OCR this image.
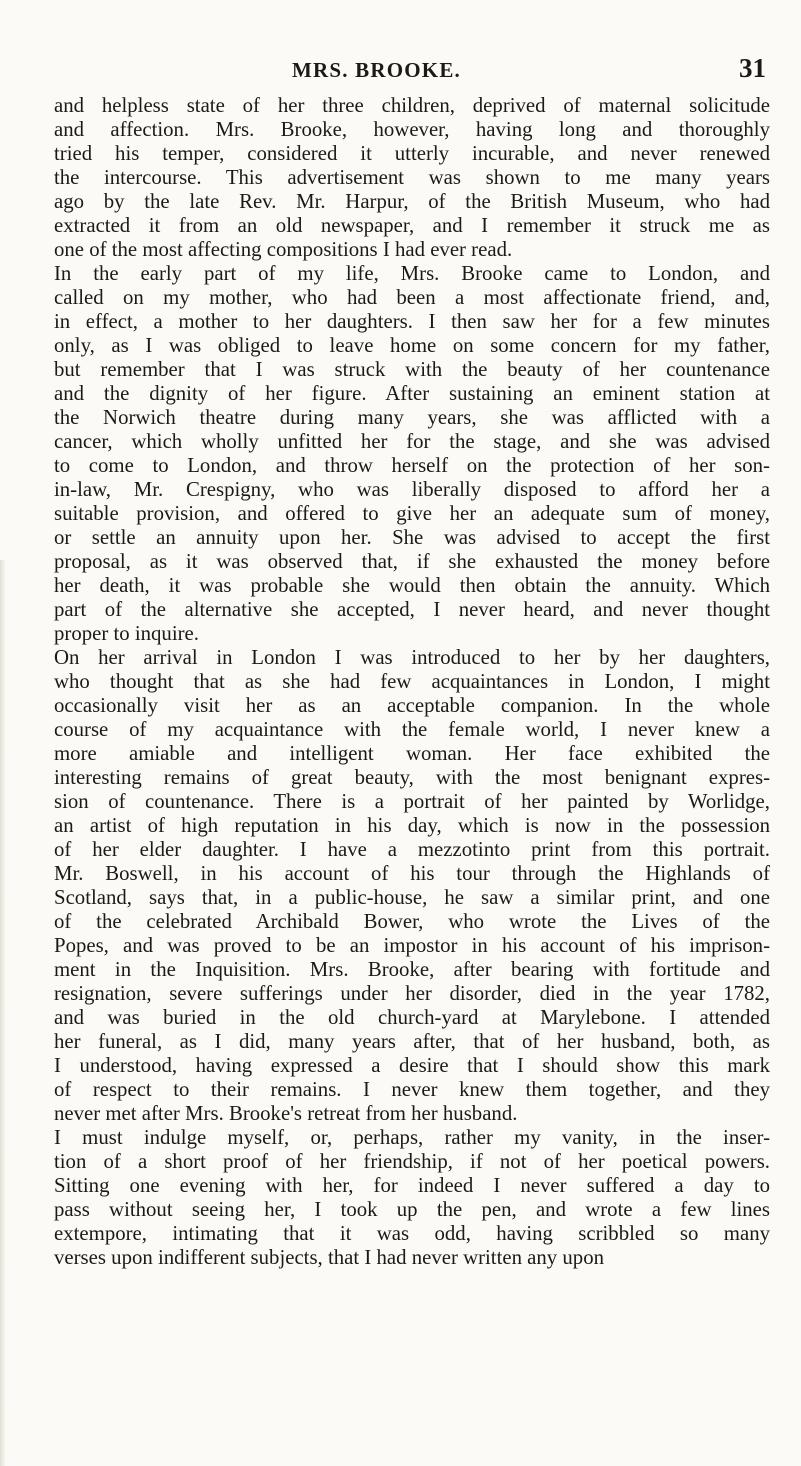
MRS. BROOKE.	31
and helpless state of her three children, deprived of maternal solicitude
and affection. Mrs. Brooke, however, having long and thoroughly
tried his temper, considered it utterly incurable, and never renewed
the intercourse. This advertisement was shown to me many years
ago by the late Rev. Mr. Harpur, of the British Museum, who had
extracted it from an old newspaper, and I remember it struck me as
one of the most affecting compositions I had ever read.
In the early part of my life, Mrs. Brooke came to London, and
called on my mother, who had been a most affectionate friend, and,
in effect, a mother to her daughters. I then saw her for a few minutes
only, as I was obliged to leave home on some concern for my father,
but remember that I was struck with the beauty of her countenance
and the dignity of her figure. After sustaining an eminent station at
the Norwich theatre during many years, she was afflicted with a
cancer, which wholly unfitted her for the stage, and she was advised
to come to London, and throw herself on the protection of her son-
in-law, Mr. Crespigny, who was liberally disposed to afford her a
suitable provision, and offered to give her an adequate sum of money,
or settle an annuity upon her. She was advised to accept the first
proposal, as it was observed that, if she exhausted the money before
her death, it was probable she would then obtain the annuity. Which
part of the alternative she accepted, I never heard, and never thought
proper to inquire.
On her arrival in London I was introduced to her by her daughters,
who thought that as she had few acquaintances in London, I might
occasionally visit her as an acceptable companion. In the whole
course of my acquaintance with the female world, I never knew a
more amiable and intelligent woman. Her face exhibited the
interesting remains of great beauty, with the most benignant expres-
sion of countenance. There is a portrait of her painted by Worlidge,
an artist of high reputation in his day, which is now in the possession
of her elder daughter. I have a mezzotinto print from this portrait.
Mr. Boswell, in his account of his tour through the Highlands of
Scotland, says that, in a public-house, he saw a similar print, and one
of the celebrated Archibald Bower, who wrote the Lives of the
Popes, and was proved to be an impostor in his account of his imprison-
ment in the Inquisition. Mrs. Brooke, after bearing with fortitude and
resignation, severe sufferings under her disorder, died in the year 1782,
and was buried in the old church-yard at Marylebone. I attended
her funeral, as I did, many years after, that of her husband, both, as
I understood, having expressed a desire that I should show this mark
of respect to their remains. I never knew them together, and they
never met after Mrs. Brooke's retreat from her husband.
I must indulge myself, or, perhaps, rather my vanity, in the inser-
tion of a short proof of her friendship, if not of her poetical powers.
Sitting one evening with her, for indeed I never suffered a day to
pass without seeing her, I took up the pen, and wrote a few lines
extempore, intimating that it was odd, having scribbled so many
verses upon indifferent subjects, that I had never written any upon
